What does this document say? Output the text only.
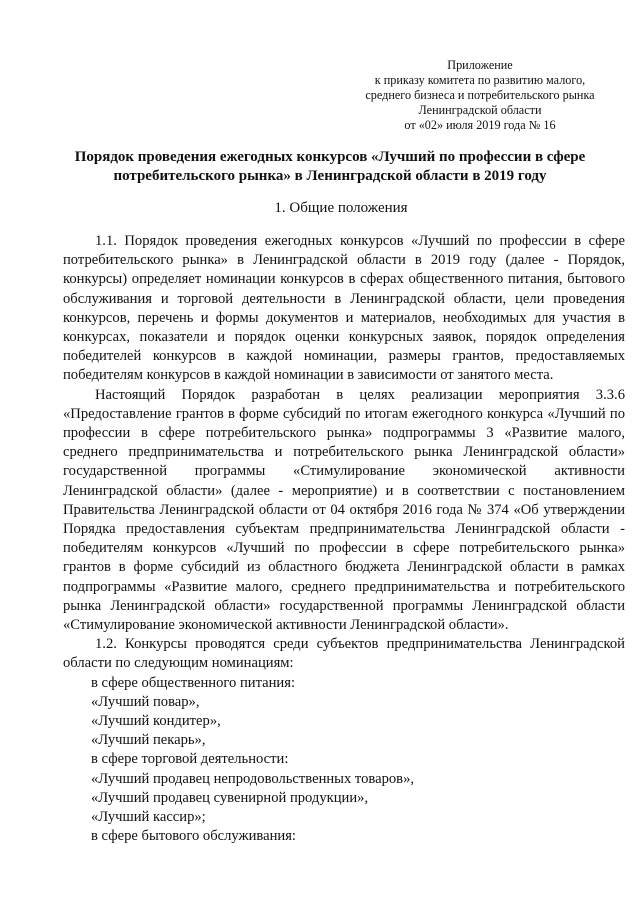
Приложение
к приказу комитета по развитию малого,
среднего бизнеса и потребительского рынка
Ленинградской области
от «02» июля 2019 года № 16
Порядок проведения ежегодных конкурсов «Лучший по профессии в сфере
потребительского рынка» в Ленинградской области в 2019 году
1. Общие положения

1.1. Порядок проведения ежегодных конкурсов «Лучший по профессии в сфере потребительского рынка» в Ленинградской области в 2019 году (далее - Порядок, конкурсы) определяет номинации конкурсов в сферах общественного питания, бытового обслуживания и торговой деятельности в Ленинградской области, цели проведения конкурсов, перечень и формы документов и материалов, необходимых для участия в конкурсах, показатели и порядок оценки конкурсных заявок, порядок определения победителей конкурсов в каждой номинации, размеры грантов, предоставляемых победителям конкурсов в каждой номинации в зависимости от занятого места.

Настоящий Порядок разработан в целях реализации мероприятия 3.3.6 «Предоставление грантов в форме субсидий по итогам ежегодного конкурса «Лучший по профессии в сфере потребительского рынка» подпрограммы 3 «Развитие малого, среднего предпринимательства и потребительского рынка Ленинградской области» государственной программы «Стимулирование экономической активности Ленинградской области» (далее - мероприятие) и в соответствии с постановлением Правительства Ленинградской области от 04 октября 2016 года № 374 «Об утверждении Порядка предоставления субъектам предпринимательства Ленинградской области - победителям конкурсов «Лучший по профессии в сфере потребительского рынка» грантов в форме субсидий из областного бюджета Ленинградской области в рамках подпрограммы «Развитие малого, среднего предпринимательства и потребительского рынка Ленинградской области» государственной программы Ленинградской области «Стимулирование экономической активности Ленинградской области».

1.2. Конкурсы проводятся среди субъектов предпринимательства Ленинградской области по следующим номинациям:

в сфере общественного питания:

«Лучший повар»,

«Лучший кондитер»,

«Лучший пекарь»,

в сфере торговой деятельности:

«Лучший продавец непродовольственных товаров»,

«Лучший продавец сувенирной продукции»,

«Лучший кассир»;

в сфере бытового обслуживания:
